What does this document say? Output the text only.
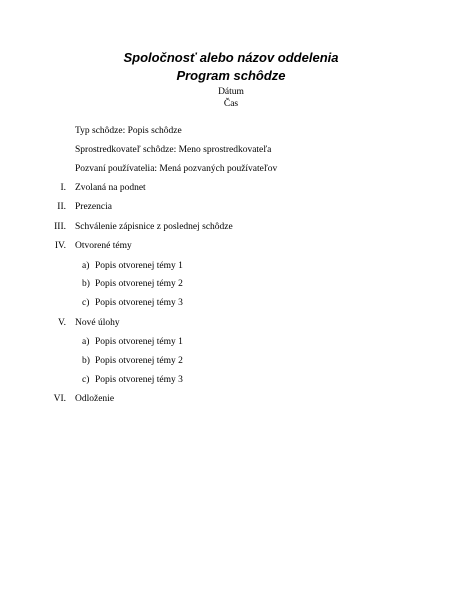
Spoločnosť alebo názov oddelenia
Program schôdze
Dátum
Čas
Typ schôdze: Popis schôdze
Sprostredkovateľ schôdze: Meno sprostredkovateľa
Pozvaní používatelia: Mená pozvaných používateľov
I. Zvolaná na podnet
II. Prezencia
III. Schválenie zápisnice z poslednej schôdze
IV. Otvorené témy
a) Popis otvorenej témy 1
b) Popis otvorenej témy 2
c) Popis otvorenej témy 3
V. Nové úlohy
a) Popis otvorenej témy 1
b) Popis otvorenej témy 2
c) Popis otvorenej témy 3
VI. Odloženie
